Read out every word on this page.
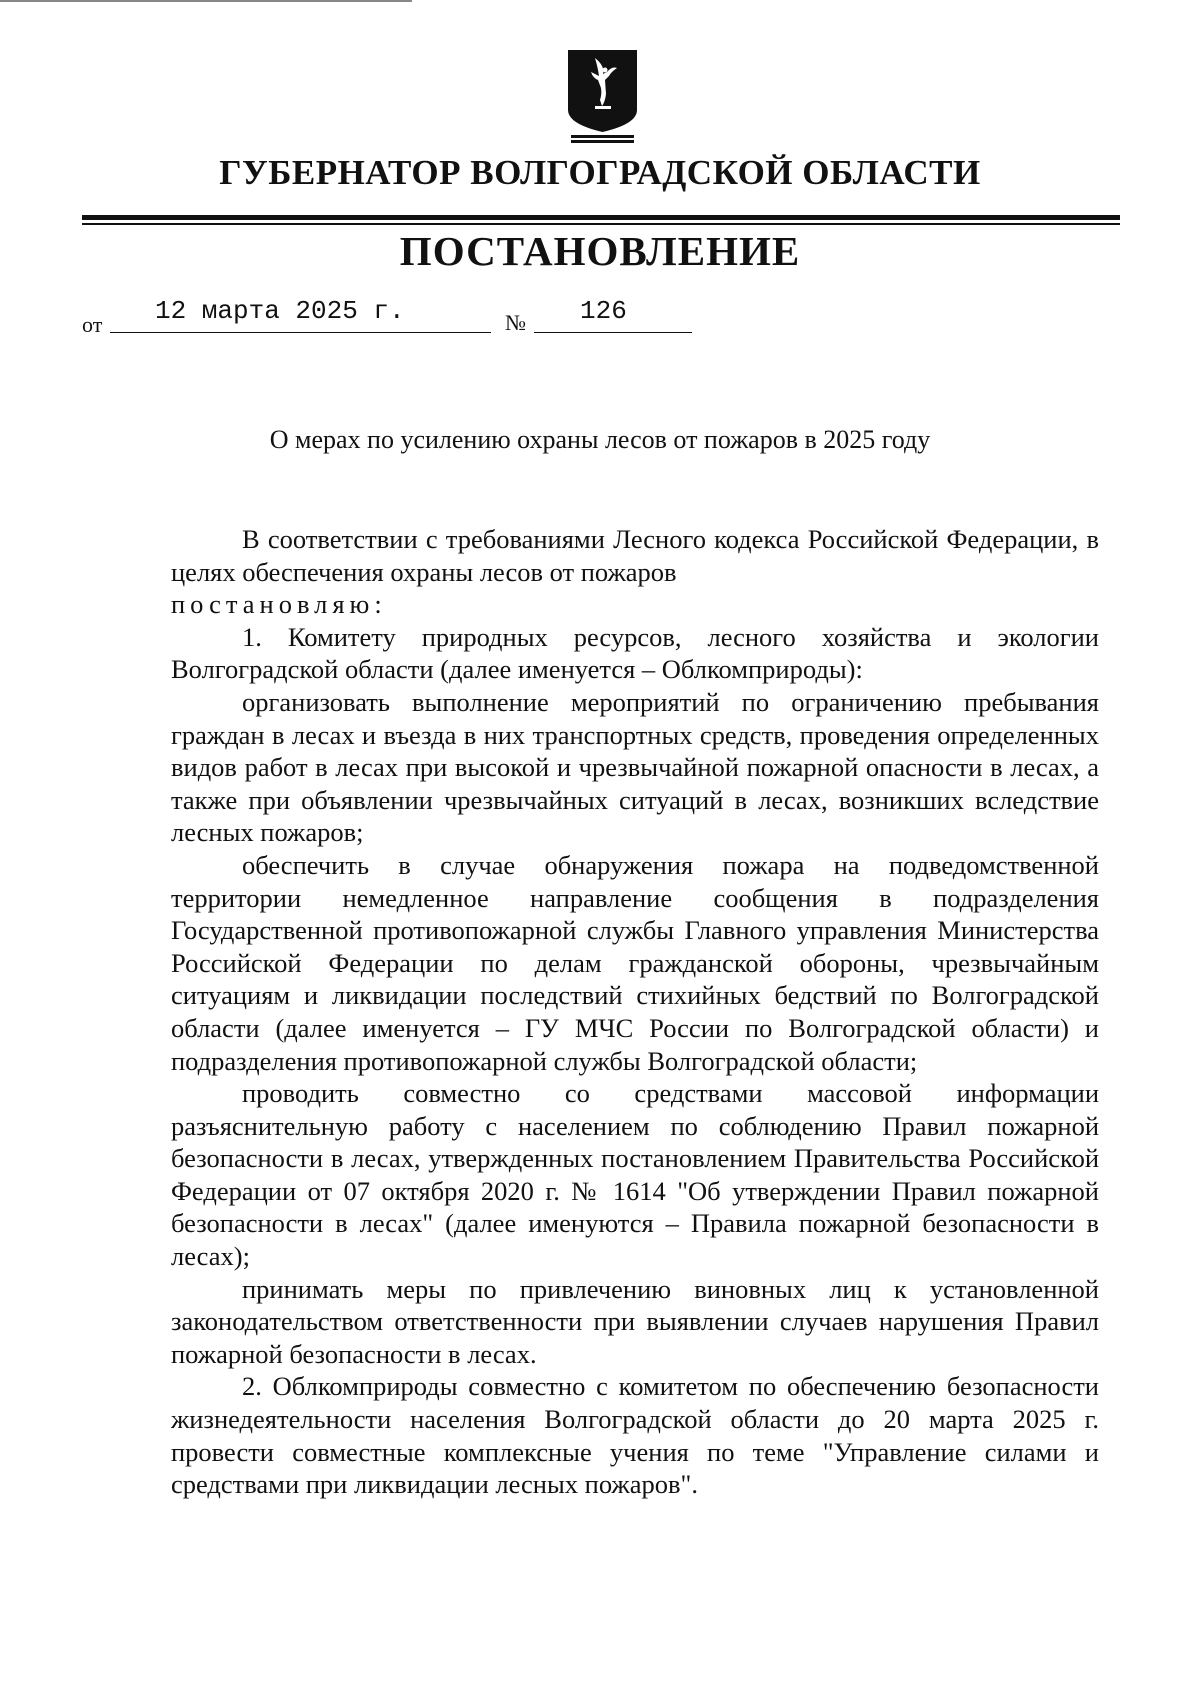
ГУБЕРНАТОР ВОЛГОГРАДСКОЙ ОБЛАСТИ
ПОСТАНОВЛЕНИЕ
от 12 марта 2025 г.	№ 126
О мерах по усилению охраны лесов от пожаров в 2025 году

В соответствии с требованиями Лесного кодекса Российской Федерации, в целях обеспечения охраны лесов от пожаров

постановляю:

1. Комитету природных ресурсов, лесного хозяйства и экологии Волгоградской области (далее именуется – Облкомприроды):

организовать выполнение мероприятий по ограничению пребывания граждан в лесах и въезда в них транспортных средств, проведения определенных видов работ в лесах при высокой и чрезвычайной пожарной опасности в лесах, а также при объявлении чрезвычайных ситуаций в лесах, возникших вследствие лесных пожаров;

обеспечить в случае обнаружения пожара на подведомственной территории немедленное направление сообщения в подразделения Государственной противопожарной службы Главного управления Министерства Российской Федерации по делам гражданской обороны, чрезвычайным ситуациям и ликвидации последствий стихийных бедствий по Волгоградской области (далее именуется – ГУ МЧС России по Волгоградской области) и подразделения противопожарной службы Волгоградской области;

проводить совместно со средствами массовой информации разъяснительную работу с населением по соблюдению Правил пожарной безопасности в лесах, утвержденных постановлением Правительства Российской Федерации от 07 октября 2020 г. № 1614 "Об утверждении Правил пожарной безопасности в лесах" (далее именуются – Правила пожарной безопасности в лесах);

принимать меры по привлечению виновных лиц к установленной законодательством ответственности при выявлении случаев нарушения Правил пожарной безопасности в лесах.

2. Облкомприроды совместно с комитетом по обеспечению безопасности жизнедеятельности населения Волгоградской области до 20 марта 2025 г. провести совместные комплексные учения по теме "Управление силами и средствами при ликвидации лесных пожаров".
